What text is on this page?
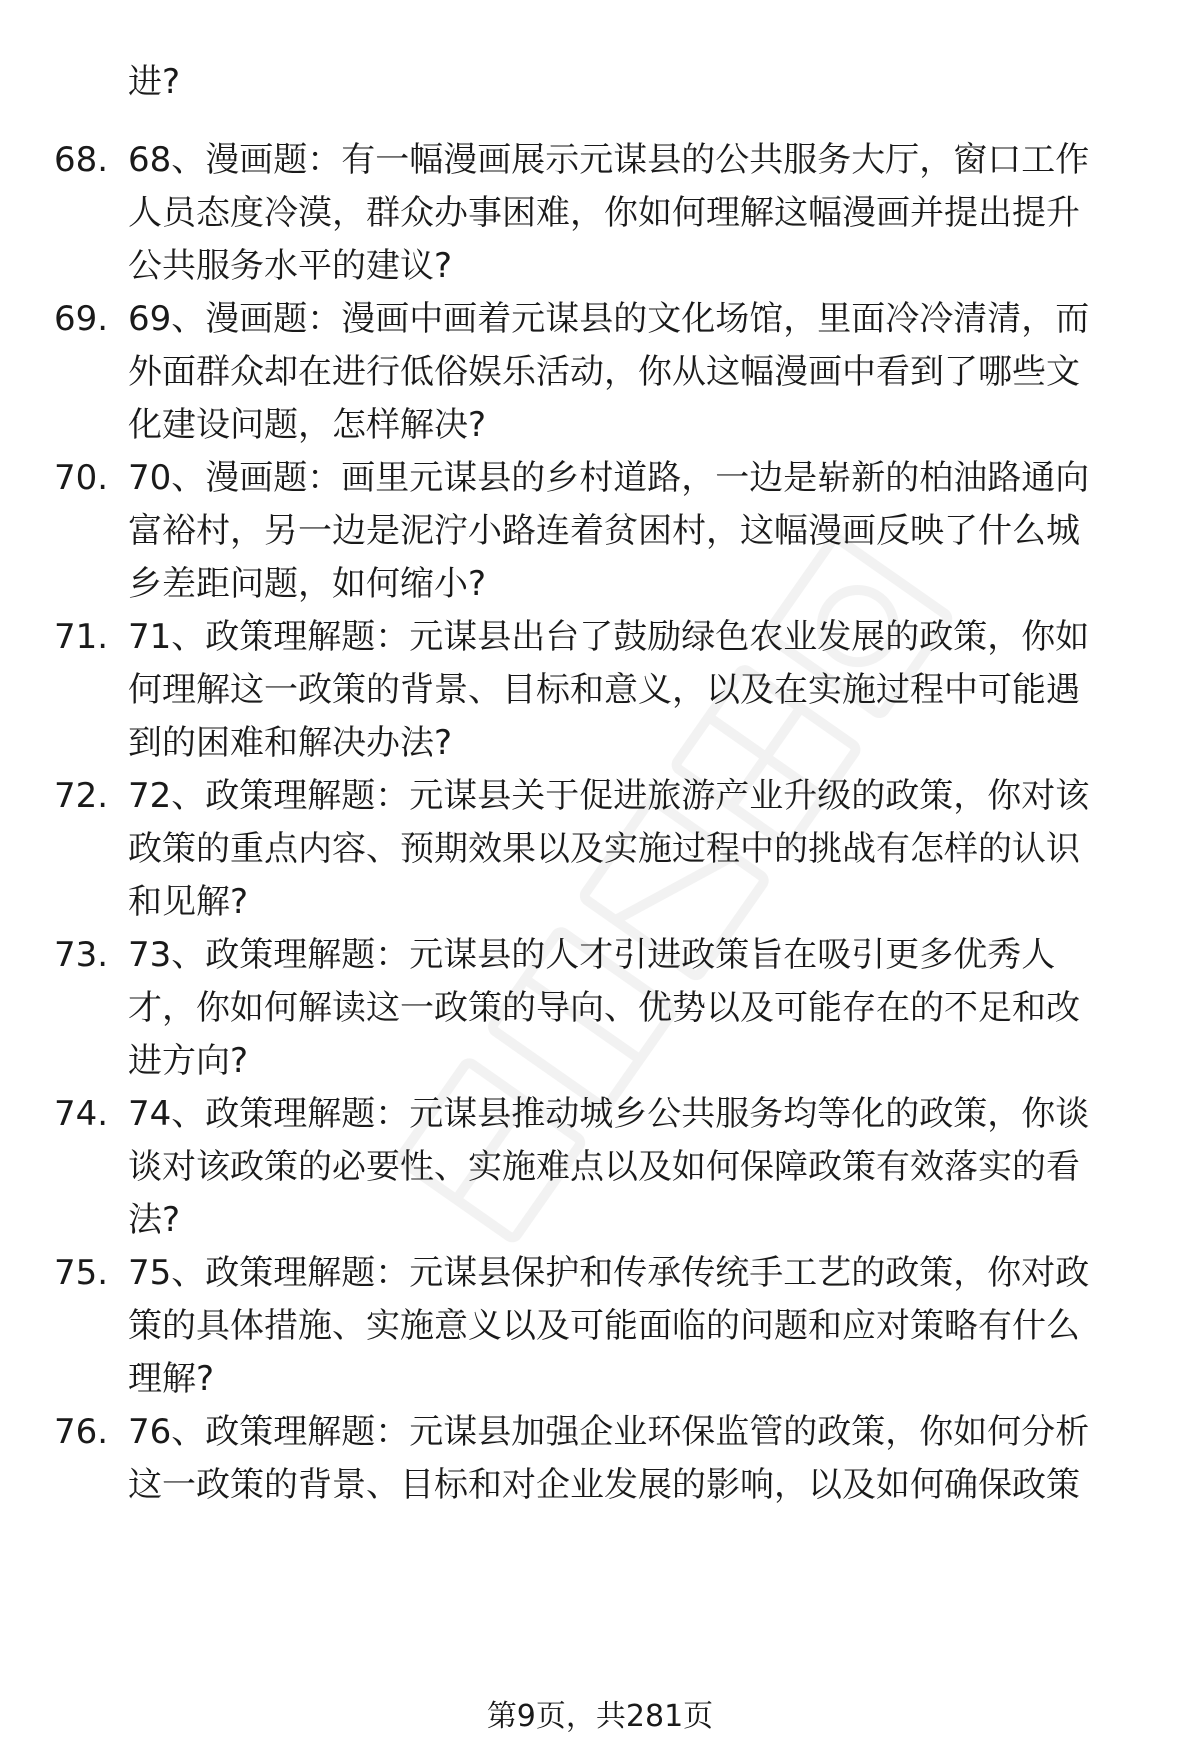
进?
68. 68、漫画题：有一幅漫画展示元谋县的公共服务大厅，窗口工作
人员态度冷漠，群众办事困难，你如何理解这幅漫画并提出提升
公共服务水平的建议?
69. 69、漫画题：漫画中画着元谋县的文化场馆，里面冷冷清清，而
外面群众却在进行低俗娱乐活动，你从这幅漫画中看到了哪些文
化建设问题，怎样解决?
70. 70、漫画题：画里元谋县的乡村道路，一边是崭新的柏油路通向
富裕村，另一边是泥泞小路连着贫困村，这幅漫画反映了什么城
乡差距问题，如何缩小?
71. 71、政策理解题：元谋县出台了鼓励绿色农业发展的政策，你如
何理解这一政策的背景、目标和意义，以及在实施过程中可能遇
到的困难和解决办法?
72. 72、政策理解题：元谋县关于促进旅游产业升级的政策，你对该
政策的重点内容、预期效果以及实施过程中的挑战有怎样的认识
和见解?
73. 73、政策理解题：元谋县的人才引进政策旨在吸引更多优秀人
才，你如何解读这一政策的导向、优势以及可能存在的不足和改
进方向?
74. 74、政策理解题：元谋县推动城乡公共服务均等化的政策，你谈
谈对该政策的必要性、实施难点以及如何保障政策有效落实的看
法?
75. 75、政策理解题：元谋县保护和传承传统手工艺的政策，你对政
策的具体措施、实施意义以及可能面临的问题和应对策略有什么
理解?
76. 76、政策理解题：元谋县加强企业环保监管的政策，你如何分析
这一政策的背景、目标和对企业发展的影响，以及如何确保政策
第9页，共281页
